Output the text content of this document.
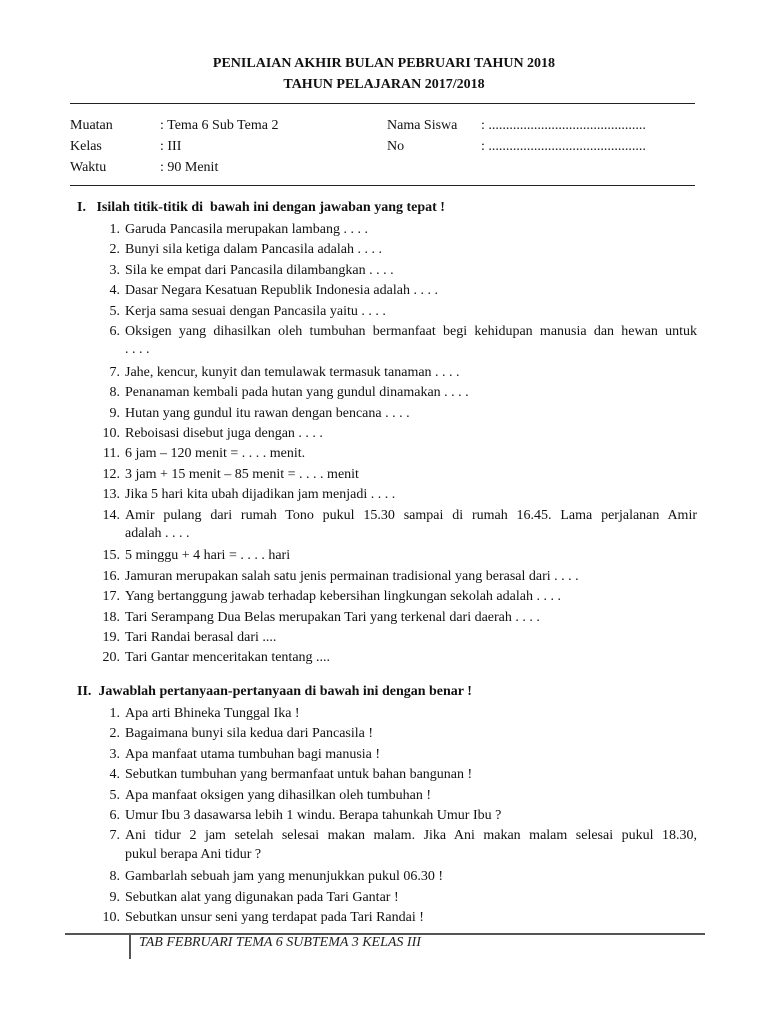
PENILAIAN AKHIR BULAN PEBRUARI TAHUN 2018
TAHUN PELAJARAN 2017/2018
Muatan	: Tema 6 Sub Tema 2
Kelas	: III
Waktu	: 90 Menit
Nama Siswa : .............................................
No	: .............................................
I.   Isilah titik-titik di  bawah ini dengan jawaban yang tepat !
1. Garuda Pancasila merupakan lambang . . . .
2. Bunyi sila ketiga dalam Pancasila adalah . . . .
3. Sila ke empat dari Pancasila dilambangkan . . . .
4. Dasar Negara Kesatuan Republik Indonesia adalah . . . .
5. Kerja sama sesuai dengan Pancasila yaitu . . . .
6. Oksigen yang dihasilkan oleh tumbuhan bermanfaat begi kehidupan manusia dan hewan untuk
. . . .
7. Jahe, kencur, kunyit dan temulawak termasuk tanaman . . . .
8. Penanaman kembali pada hutan yang gundul dinamakan . . . .
9. Hutan yang gundul itu rawan dengan bencana . . . .
10. Reboisasi disebut juga dengan . . . .
11. 6 jam – 120 menit = . . . . menit.
12. 3 jam + 15 menit – 85 menit = . . . . menit
13. Jika 5 hari kita ubah dijadikan jam menjadi . . . .
14. Amir pulang dari rumah Tono pukul 15.30 sampai di rumah 16.45. Lama perjalanan Amir
adalah . . . .
15. 5 minggu + 4 hari = . . . . hari
16. Jamuran merupakan salah satu jenis permainan tradisional yang berasal dari . . . .
17. Yang bertanggung jawab terhadap kebersihan lingkungan sekolah adalah . . . .
18. Tari Serampang Dua Belas merupakan Tari yang terkenal dari daerah . . . .
19. Tari Randai berasal dari ....
20. Tari Gantar menceritakan tentang ....
II.  Jawablah pertanyaan-pertanyaan di bawah ini dengan benar !
1. Apa arti Bhineka Tunggal Ika !
2. Bagaimana bunyi sila kedua dari Pancasila !
3. Apa manfaat utama tumbuhan bagi manusia !
4. Sebutkan tumbuhan yang bermanfaat untuk bahan bangunan !
5. Apa manfaat oksigen yang dihasilkan oleh tumbuhan !
6. Umur Ibu 3 dasawarsa lebih 1 windu. Berapa tahunkah Umur Ibu ?
7. Ani tidur 2 jam setelah selesai makan malam. Jika Ani makan malam selesai pukul 18.30,
pukul berapa Ani tidur ?
8. Gambarlah sebuah jam yang menunjukkan pukul 06.30 !
9. Sebutkan alat yang digunakan pada Tari Gantar !
10. Sebutkan unsur seni yang terdapat pada Tari Randai !
TAB FEBRUARI TEMA 6 SUBTEMA 3 KELAS III
